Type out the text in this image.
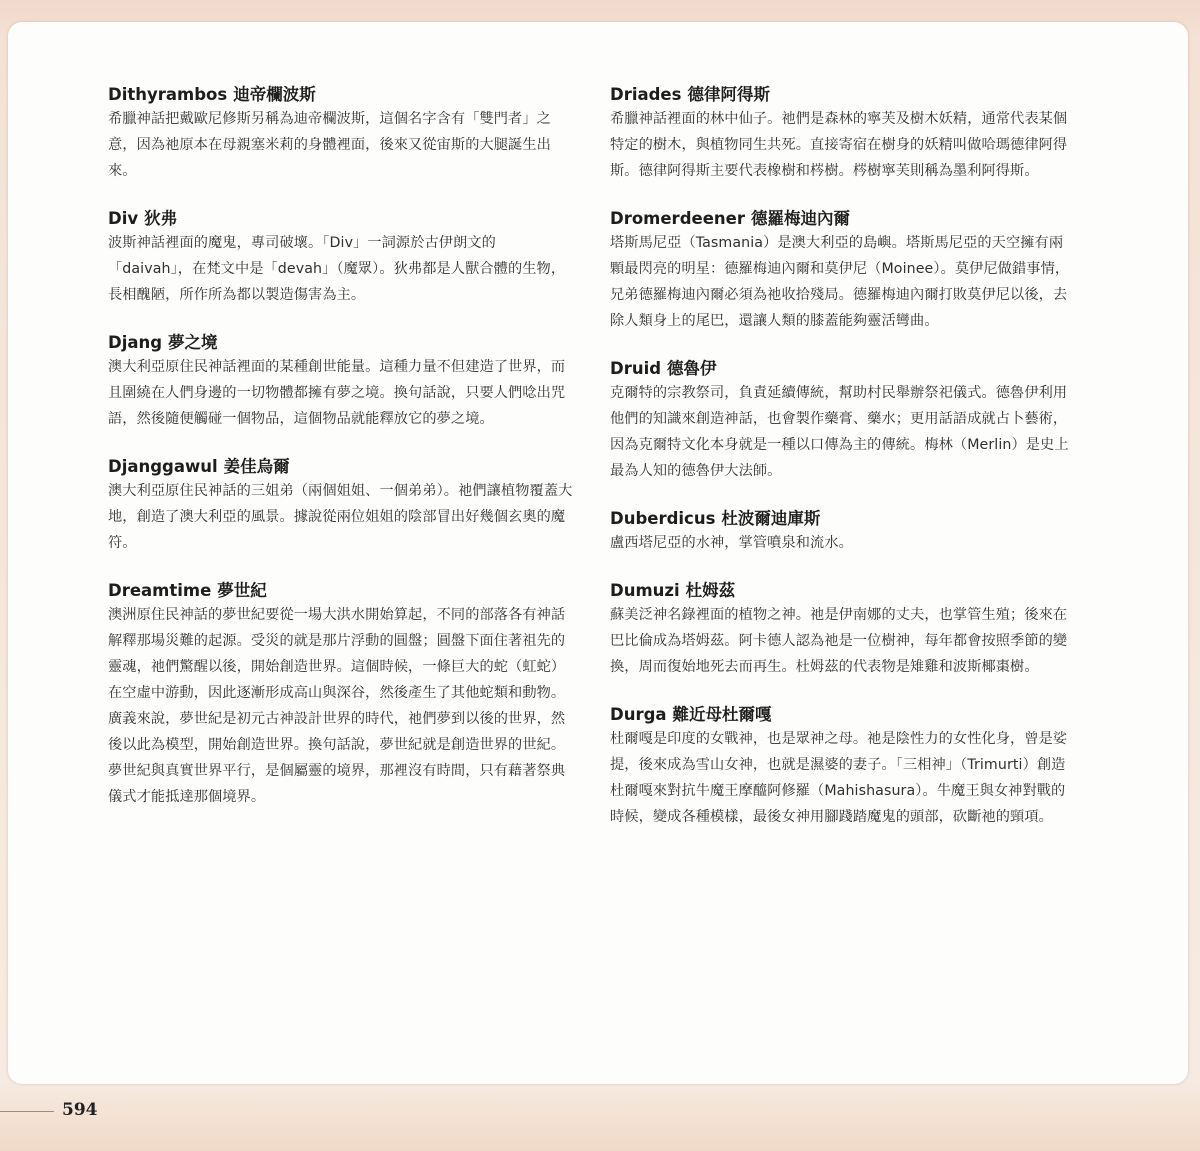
Dithyrambos 迪帝欄波斯

希臘神話把戴歐尼修斯另稱為迪帝欄波斯，這個名字含有「雙門者」之意，因為祂原本在母親塞米莉的身體裡面，後來又從宙斯的大腿誕生出來。

Div 狄弗

波斯神話裡面的魔鬼，專司破壞。「Div」一詞源於古伊朗文的「daivah」，在梵文中是「devah」（魔眾）。狄弗都是人獸合體的生物，長相醜陋，所作所為都以製造傷害為主。

Djang 夢之境

澳大利亞原住民神話裡面的某種創世能量。這種力量不但建造了世界，而且圍繞在人們身邊的一切物體都擁有夢之境。換句話說，只要人們唸出咒語，然後隨便觸碰一個物品，這個物品就能釋放它的夢之境。

Djanggawul 姜佳烏爾

澳大利亞原住民神話的三姐弟（兩個姐姐、一個弟弟）。祂們讓植物覆蓋大地，創造了澳大利亞的風景。據說從兩位姐姐的陰部冒出好幾個玄奧的魔符。

Dreamtime 夢世紀

澳洲原住民神話的夢世紀要從一場大洪水開始算起，不同的部落各有神話解釋那場災難的起源。受災的就是那片浮動的圓盤；圓盤下面住著祖先的靈魂，祂們驚醒以後，開始創造世界。這個時候，一條巨大的蛇（虹蛇）在空虛中游動，因此逐漸形成高山與深谷，然後產生了其他蛇類和動物。

廣義來說，夢世紀是初元古神設計世界的時代，祂們夢到以後的世界，然後以此為模型，開始創造世界。換句話說，夢世紀就是創造世界的世紀。夢世紀與真實世界平行，是個屬靈的境界，那裡沒有時間，只有藉著祭典儀式才能抵達那個境界。

Driades 德律阿得斯

希臘神話裡面的林中仙子。祂們是森林的寧芙及樹木妖精，通常代表某個特定的樹木，與植物同生共死。直接寄宿在樹身的妖精叫做哈瑪德律阿得斯。德律阿得斯主要代表橡樹和梣樹。梣樹寧芙則稱為墨利阿得斯。

Dromerdeener 德羅梅迪內爾

塔斯馬尼亞（Tasmania）是澳大利亞的島嶼。塔斯馬尼亞的天空擁有兩顆最閃亮的明星：德羅梅迪內爾和莫伊尼（Moinee）。莫伊尼做錯事情，兄弟德羅梅迪內爾必須為祂收拾殘局。德羅梅迪內爾打敗莫伊尼以後，去除人類身上的尾巴，還讓人類的膝蓋能夠靈活彎曲。

Druid 德魯伊

克爾特的宗教祭司，負責延續傳統，幫助村民舉辦祭祀儀式。德魯伊利用他們的知識來創造神話，也會製作藥膏、藥水；更用話語成就占卜藝術，因為克爾特文化本身就是一種以口傳為主的傳統。梅林（Merlin）是史上最為人知的德魯伊大法師。

Duberdicus 杜波爾迪庫斯

盧西塔尼亞的水神，掌管噴泉和流水。

Dumuzi 杜姆茲

蘇美泛神名錄裡面的植物之神。祂是伊南娜的丈夫，也掌管生殖；後來在巴比倫成為塔姆茲。阿卡德人認為祂是一位樹神，每年都會按照季節的變換，周而復始地死去而再生。杜姆茲的代表物是雉雞和波斯椰棗樹。

Durga 難近母杜爾嘎

杜爾嘎是印度的女戰神，也是眾神之母。祂是陰性力的女性化身，曾是娑提，後來成為雪山女神，也就是濕婆的妻子。「三相神」（Trimurti）創造杜爾嘎來對抗牛魔王摩醯阿修羅（Mahishasura）。牛魔王與女神對戰的時候，變成各種模樣，最後女神用腳踐踏魔鬼的頭部，砍斷祂的頸項。

594
